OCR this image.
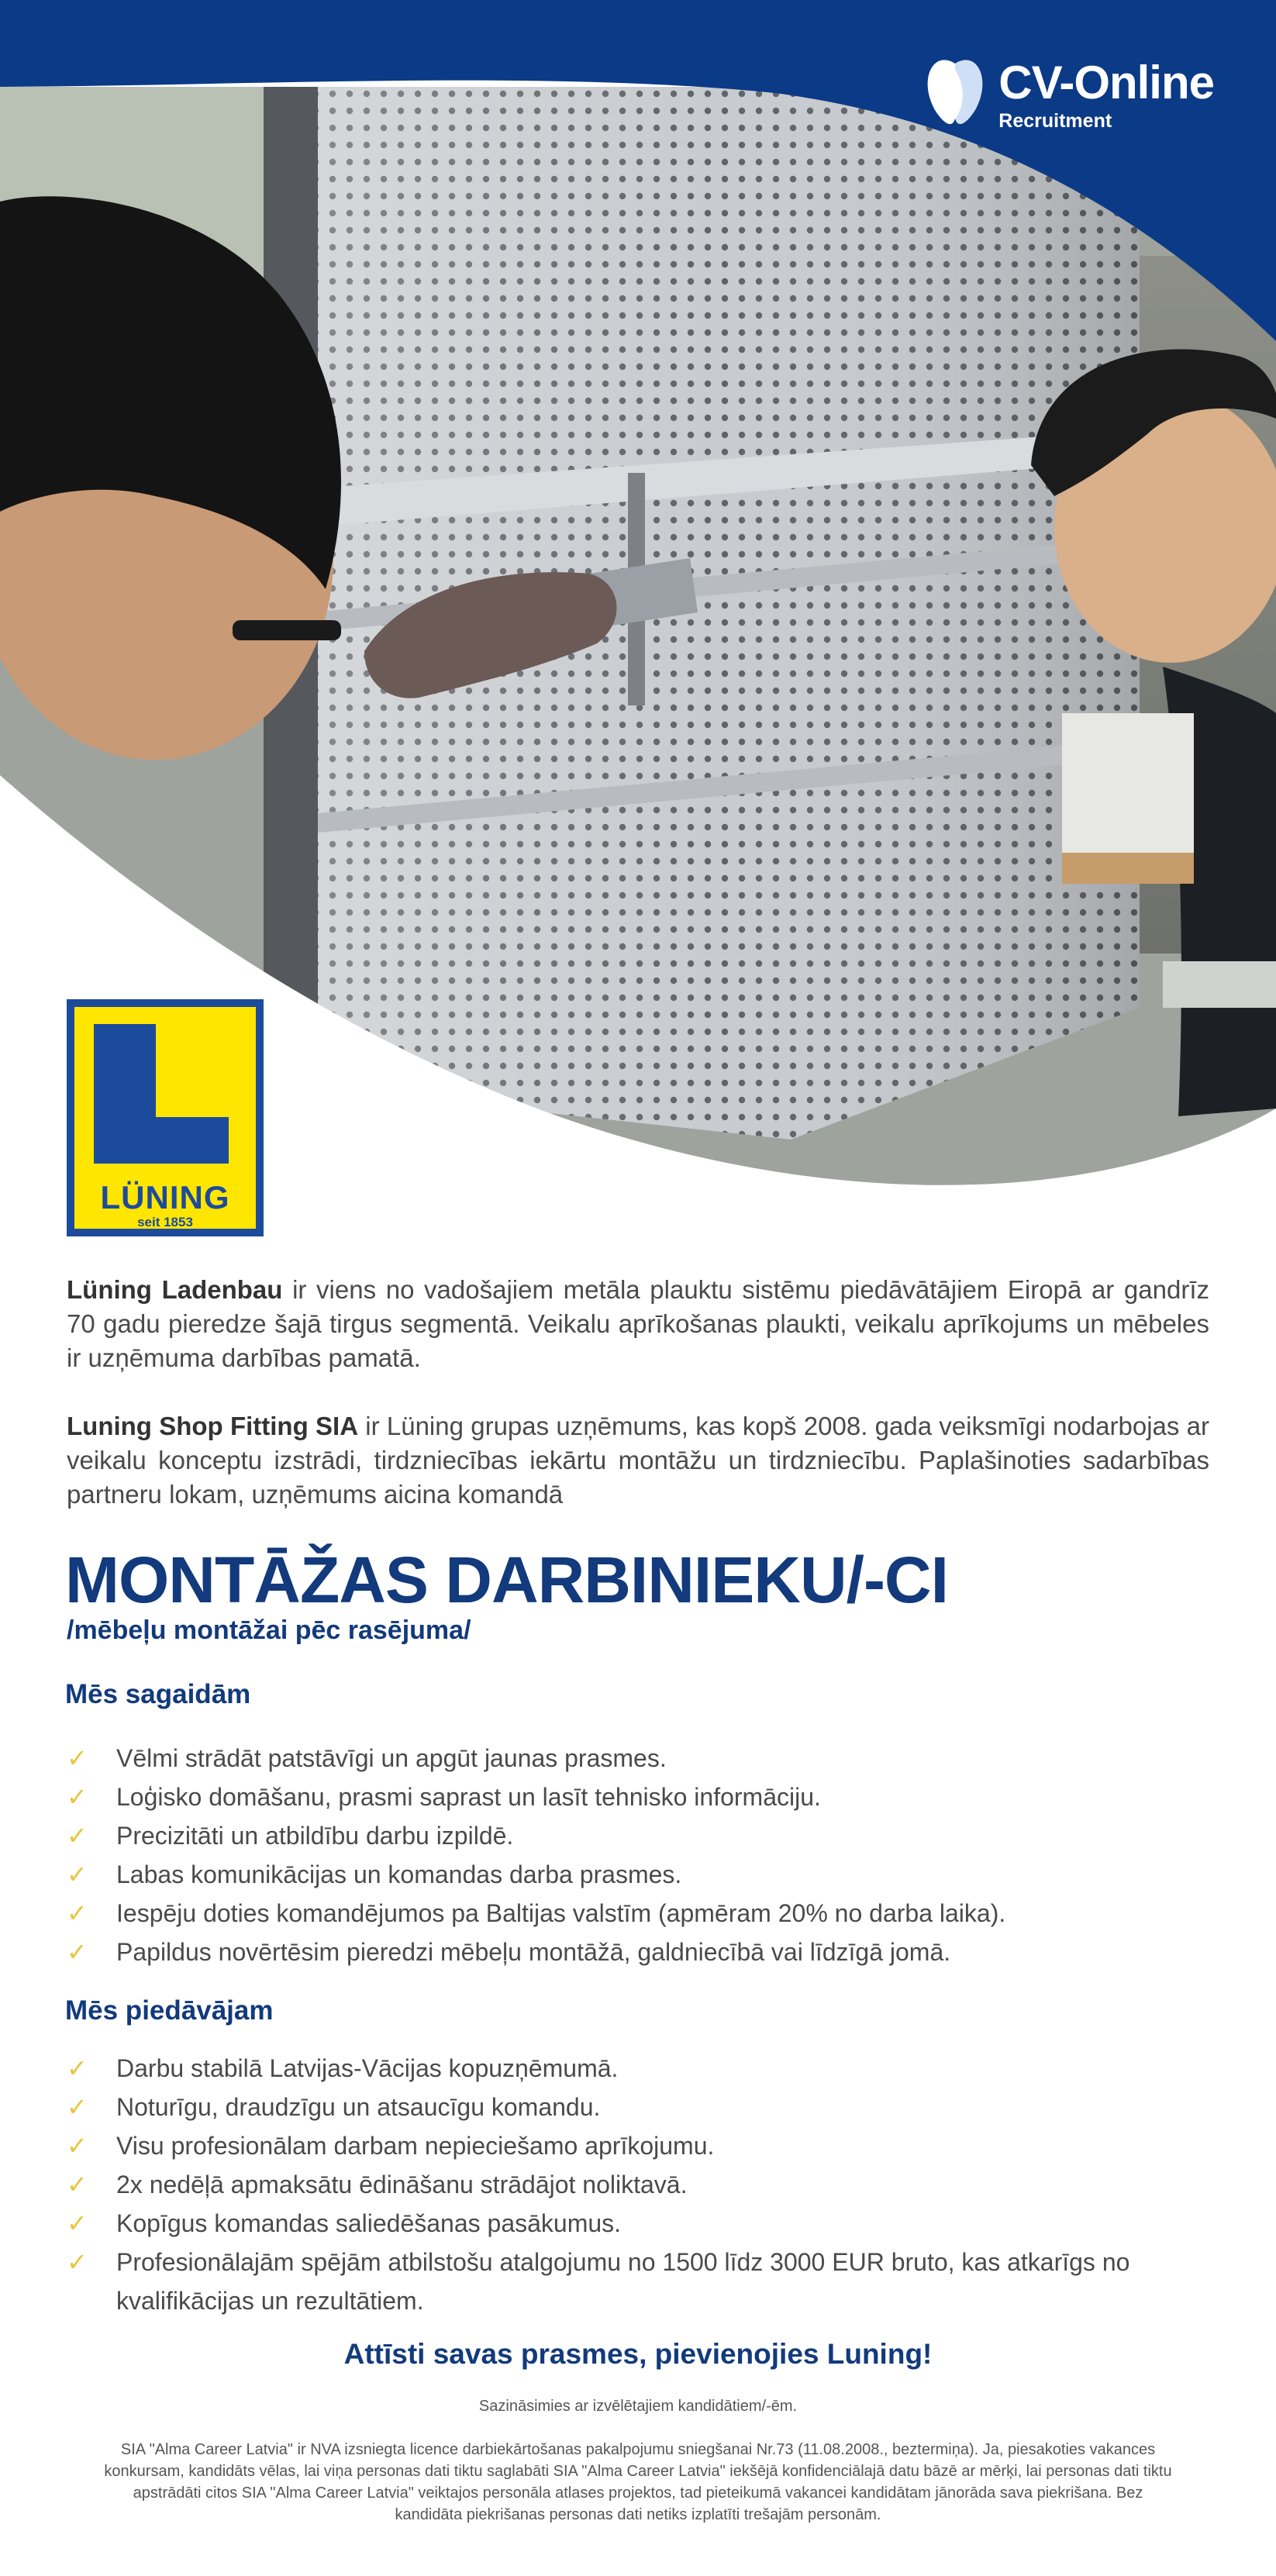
CV-Online
Recruitment
LÜNING
seit 1853

Lüning Ladenbau ir viens no vadošajiem metāla plauktu sistēmu piedāvātājiem Eiropā ar gandrīz 70 gadu pieredze šajā tirgus segmentā. Veikalu aprīkošanas plaukti, veikalu aprīkojums un mēbeles ir uzņēmuma darbības pamatā.

Luning Shop Fitting SIA ir Lüning grupas uzņēmums, kas kopš 2008. gada veiksmīgi nodarbojas ar veikalu konceptu izstrādi, tirdzniecības iekārtu montāžu un tirdzniecību. Paplašinoties sadarbības partneru lokam, uzņēmums aicina komandā

MONTĀŽAS DARBINIEKU/-CI
/mēbeļu montāžai pēc rasējuma/
Mēs sagaidām
✓ Vēlmi strādāt patstāvīgi un apgūt jaunas prasmes.
✓ Loģisko domāšanu, prasmi saprast un lasīt tehnisko informāciju.
✓ Precizitāti un atbildību darbu izpildē.
✓ Labas komunikācijas un komandas darba prasmes.
✓ Iespēju doties komandējumos pa Baltijas valstīm (apmēram 20% no darba laika).
✓ Papildus novērtēsim pieredzi mēbeļu montāžā, galdniecībā vai līdzīgā jomā.
Mēs piedāvājam
✓ Darbu stabilā Latvijas-Vācijas kopuzņēmumā.
✓ Noturīgu, draudzīgu un atsaucīgu komandu.
✓ Visu profesionālam darbam nepieciešamo aprīkojumu.
✓ 2x nedēļā apmaksātu ēdināšanu strādājot noliktavā.
✓ Kopīgus komandas saliedēšanas pasākumus.
✓ Profesionālajām spējām atbilstošu atalgojumu no 1500 līdz 3000 EUR bruto, kas atkarīgs no kvalifikācijas un rezultātiem.

Attīsti savas prasmes, pievienojies Luning!

Sazināsimies ar izvēlētajiem kandidātiem/-ēm.

SIA "Alma Career Latvia" ir NVA izsniegta licence darbiekārtošanas pakalpojumu sniegšanai Nr.73 (11.08.2008., beztermiņa). Ja, piesakoties vakances konkursam, kandidāts vēlas, lai viņa personas dati tiktu saglabāti SIA "Alma Career Latvia" iekšējā konfidenciālajā datu bāzē ar mērķi, lai personas dati tiktu apstrādāti citos SIA "Alma Career Latvia" veiktajos personāla atlases projektos, tad pieteikumā vakancei kandidātam jānorāda sava piekrišana. Bez kandidāta piekrišanas personas dati netiks izplatīti trešajām personām.
